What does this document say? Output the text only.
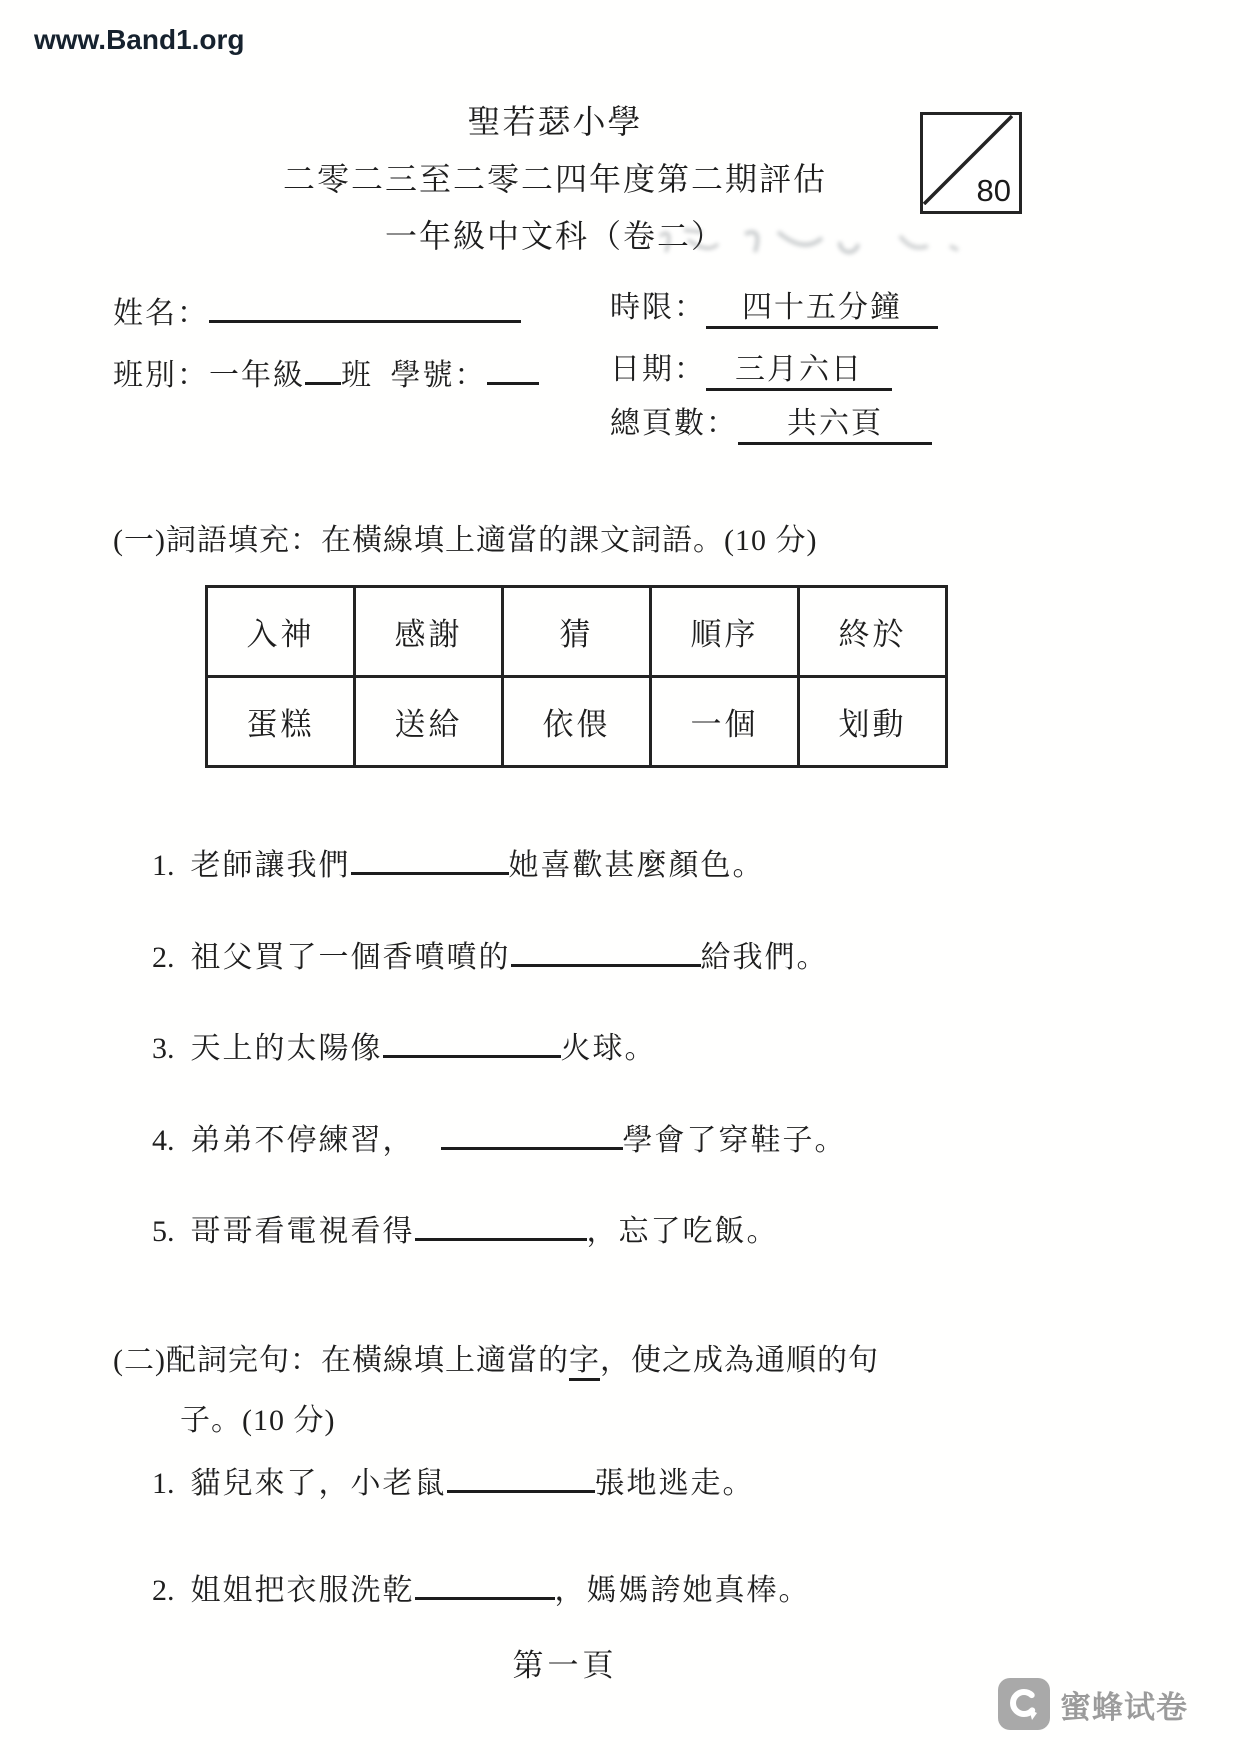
www.Band1.org
聖若瑟小學
二零二三至二零二四年度第二期評估
一年級中文科（卷二）
80
姓名：
班別：一年級 班 學號：
時限： 四十五分鐘
日期： 三月六日
總頁數： 共六頁
(一)詞語填充：在橫線填上適當的課文詞語。(10 分)
入神	感謝	猜	順序	終於
蛋糕	送給	依偎	一個	划動
1. 老師讓我們	她喜歡甚麼顏色。
2. 祖父買了一個香噴噴的	給我們。
3. 天上的太陽像	火球。
4. 弟弟不停練習，	學會了穿鞋子。
5. 哥哥看電視看得	，忘了吃飯。
(二)配詞完句：在橫線填上適當的字，使之成為通順的句
子。(10 分)
1. 貓兒來了，小老鼠	張地逃走。
2. 姐姐把衣服洗乾	，媽媽誇她真棒。
第一頁
蜜蜂试卷
